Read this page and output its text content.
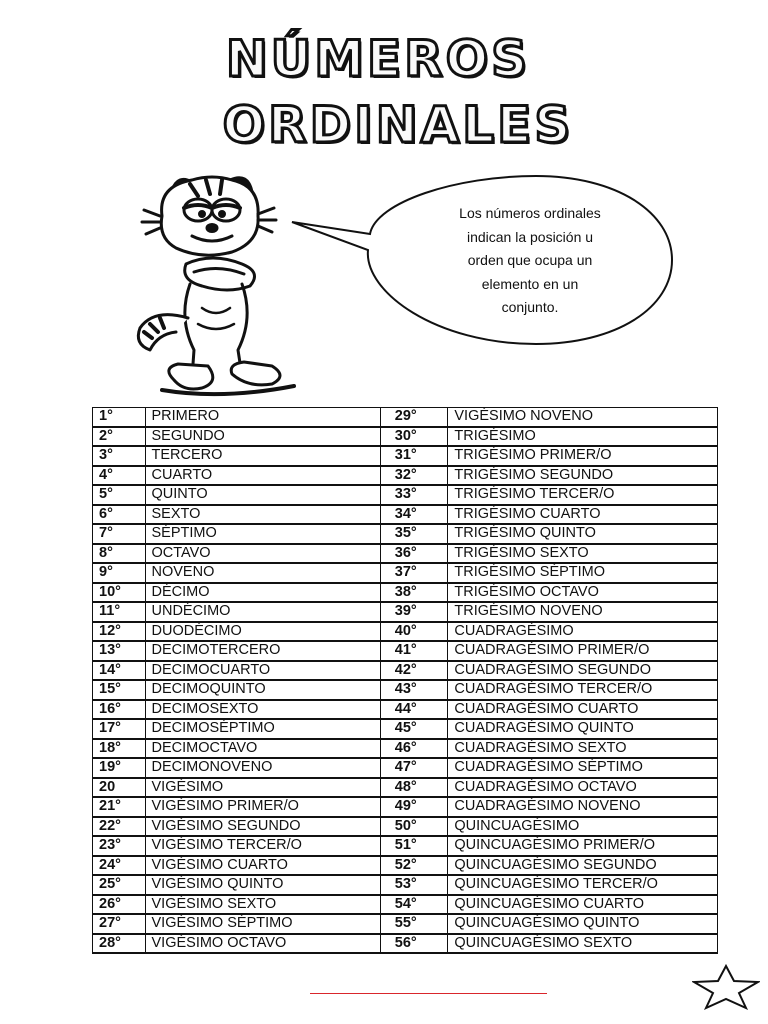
NÚMEROS
ORDINALES
Los números ordinales
indican la posición u
orden que ocupa un
elemento en un
conjunto.
1°	PRIMERO	29°	VIGÉSIMO NOVENO
2°	SEGUNDO	30°	TRIGÉSIMO
3°	TERCERO	31°	TRIGÉSIMO PRIMER/O
4°	CUARTO	32°	TRIGÉSIMO SEGUNDO
5°	QUINTO	33°	TRIGÉSIMO TERCER/O
6°	SEXTO	34°	TRIGÉSIMO CUARTO
7°	SÉPTIMO	35°	TRIGÉSIMO QUINTO
8°	OCTAVO	36°	TRIGÉSIMO SEXTO
9°	NOVENO	37°	TRIGÉSIMO SÉPTIMO
10°	DÉCIMO	38°	TRIGÉSIMO OCTAVO
11°	UNDÉCIMO	39°	TRIGÉSIMO NOVENO
12°	DUODÉCIMO	40°	CUADRAGÉSIMO
13°	DECIMOTERCERO	41°	CUADRAGÉSIMO PRIMER/O
14°	DECIMOCUARTO	42°	CUADRAGÉSIMO SEGUNDO
15°	DECIMOQUINTO	43°	CUADRAGÉSIMO TERCER/O
16°	DECIMOSEXTO	44°	CUADRAGÉSIMO CUARTO
17°	DECIMOSÉPTIMO	45°	CUADRAGÉSIMO QUINTO
18°	DECIMOCTAVO	46°	CUADRAGÉSIMO SEXTO
19°	DECIMONOVENO	47°	CUADRAGÉSIMO SÉPTIMO
20	VIGÉSIMO	48°	CUADRAGÉSIMO OCTAVO
21°	VIGÉSIMO PRIMER/O	49°	CUADRAGÉSIMO NOVENO
22°	VIGÉSIMO SEGUNDO	50°	QUINCUAGÉSIMO
23°	VIGÉSIMO TERCER/O	51°	QUINCUAGÉSIMO PRIMER/O
24°	VIGÉSIMO CUARTO	52°	QUINCUAGÉSIMO SEGUNDO
25°	VIGÉSIMO QUINTO	53°	QUINCUAGÉSIMO TERCER/O
26°	VIGÉSIMO SEXTO	54°	QUINCUAGÉSIMO CUARTO
27°	VIGÉSIMO SÉPTIMO	55°	QUINCUAGÉSIMO QUINTO
28°	VIGÉSIMO OCTAVO	56°	QUINCUAGÉSIMO SEXTO
